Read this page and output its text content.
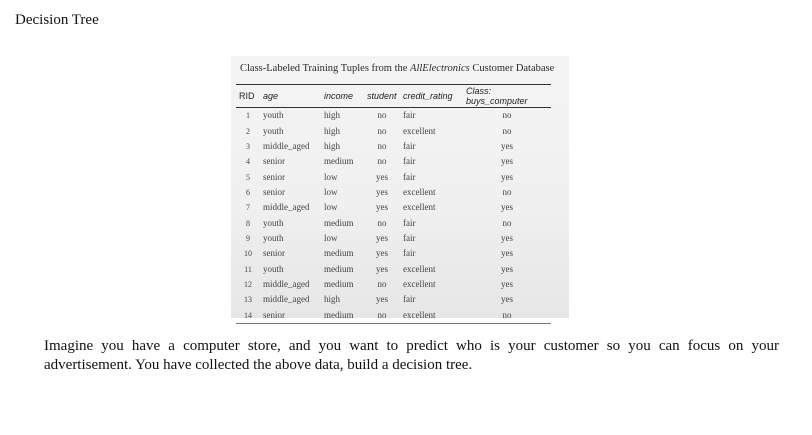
Decision Tree
Class-Labeled Training Tuples from the AllElectronics Customer Database
RID	age	income	student	credit_rating	Class: buys_computer
1	youth	high	no	fair	no
2	youth	high	no	excellent	no
3	middle_aged	high	no	fair	yes
4	senior	medium	no	fair	yes
5	senior	low	yes	fair	yes
6	senior	low	yes	excellent	no
7	middle_aged	low	yes	excellent	yes
8	youth	medium	no	fair	no
9	youth	low	yes	fair	yes
10	senior	medium	yes	fair	yes
11	youth	medium	yes	excellent	yes
12	middle_aged	medium	no	excellent	yes
13	middle_aged	high	yes	fair	yes
14	senior	medium	no	excellent	no
Imagine you have a computer store, and you want to predict who is your customer so you can focus on your advertisement. You have collected the above data, build a decision tree.
